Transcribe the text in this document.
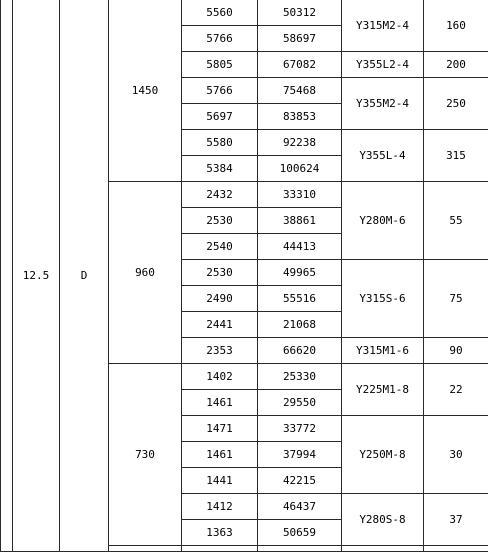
	12.5	D	1450	5560	50312	Y315M2-4	160
				5766	58697		
				5805	67082	Y355L2-4	200
				5766	75468	Y355M2-4	250
				5697	83853		
				5580	92238	Y355L-4	315
				5384	100624		
			960	2432	33310	Y280M-6	55
				2530	38861		
				2540	44413		
				2530	49965	Y315S-6	75
				2490	55516		
				2441	21068		
				2353	66620	Y315M1-6	90
			730	1402	25330	Y225M1-8	22
				1461	29550		
				1471	33772	Y250M-8	30
				1461	37994		
				1441	42215		
				1412	46437	Y280S-8	37
				1363	50659		
